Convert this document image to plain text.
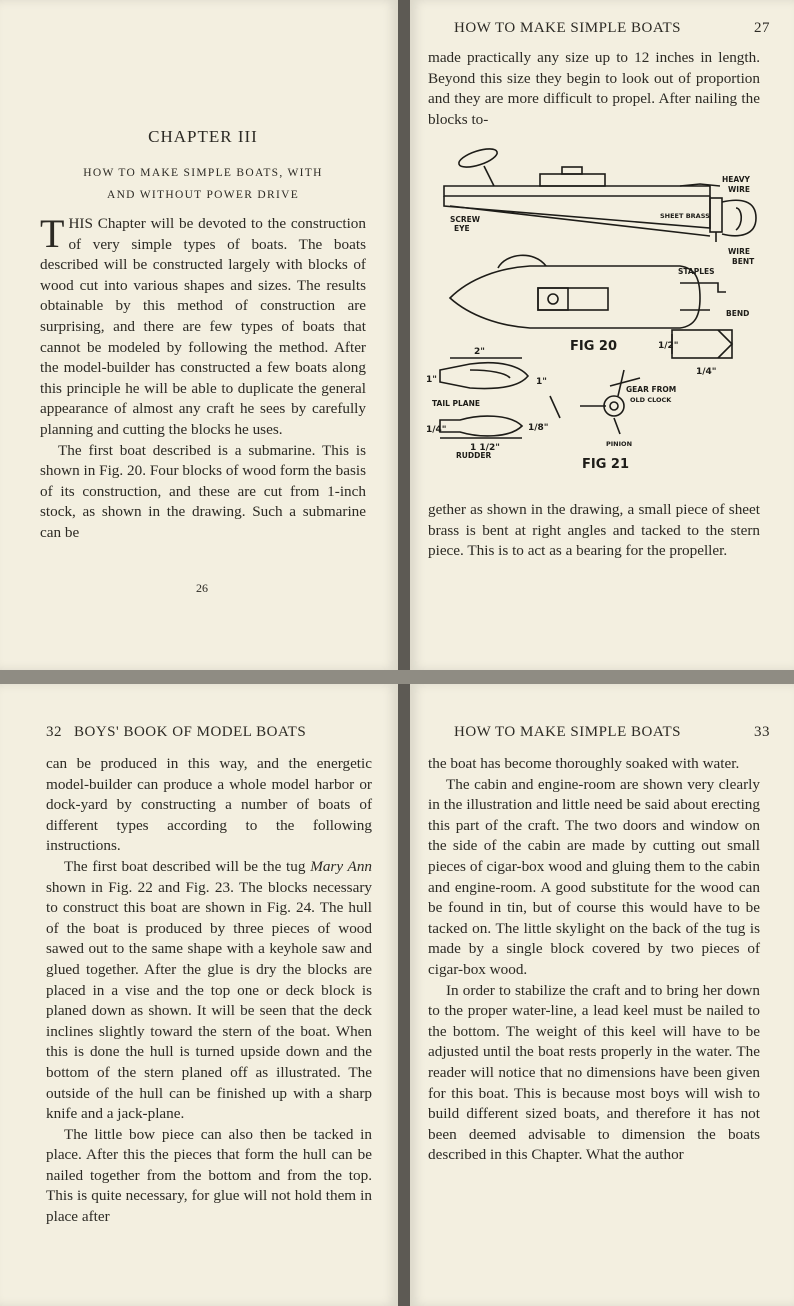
CHAPTER III
HOW TO MAKE SIMPLE BOATS, WITH
AND WITHOUT POWER DRIVE

THIS Chapter will be devoted to the construction of very simple types of boats. The boats described will be constructed largely with blocks of wood cut into various shapes and sizes. The results obtainable by this method of construction are surprising, and there are few types of boats that cannot be modeled by following the method. After the model-builder has constructed a few boats along this principle he will be able to duplicate the general appearance of almost any craft he sees by carefully planning and cutting the blocks he uses.

The first boat described is a submarine. This is shown in Fig. 20. Four blocks of wood form the basis of its construction, and these are cut from 1-inch stock, as shown in the drawing. Such a submarine can be

26
HOW TO MAKE SIMPLE BOATS	27

made practically any size up to 12 inches in length. Beyond this size they begin to look out of proportion and they are more difficult to propel. After nailing the blocks to-

HEAVY
WIRE
SCREW
EYE
SHEET BRASS
WIRE
BENT
STAPLES
BEND
FIG 20
TAIL PLANE
RUDDER
GEAR FROM
OLD CLOCK
PINION
FIG 21
2"
1"	1"
1/4"
1 1/2"
1/8"
1/2"
1/4"

gether as shown in the drawing, a small piece of sheet brass is bent at right angles and tacked to the stern piece. This is to act as a bearing for the propeller.

32 BOYS' BOOK OF MODEL BOATS

can be produced in this way, and the energetic model-builder can produce a whole model harbor or dock-yard by constructing a number of boats of different types according to the following instructions.

The first boat described will be the tug Mary Ann shown in Fig. 22 and Fig. 23. The blocks necessary to construct this boat are shown in Fig. 24. The hull of the boat is produced by three pieces of wood sawed out to the same shape with a keyhole saw and glued together. After the glue is dry the blocks are placed in a vise and the top one or deck block is planed down as shown. It will be seen that the deck inclines slightly toward the stern of the boat. When this is done the hull is turned upside down and the bottom of the stern planed off as illustrated. The outside of the hull can be finished up with a sharp knife and a jack-plane.

The little bow piece can also then be tacked in place. After this the pieces that form the hull can be nailed together from the bottom and from the top. This is quite necessary, for glue will not hold them in place after

HOW TO MAKE SIMPLE BOATS	33

the boat has become thoroughly soaked with water.

The cabin and engine-room are shown very clearly in the illustration and little need be said about erecting this part of the craft. The two doors and window on the side of the cabin are made by cutting out small pieces of cigar-box wood and gluing them to the cabin and engine-room. A good substitute for the wood can be found in tin, but of course this would have to be tacked on. The little skylight on the back of the tug is made by a single block covered by two pieces of cigar-box wood.

In order to stabilize the craft and to bring her down to the proper water-line, a lead keel must be nailed to the bottom. The weight of this keel will have to be adjusted until the boat rests properly in the water. The reader will notice that no dimensions have been given for this boat. This is because most boys will wish to build different sized boats, and therefore it has not been deemed advisable to dimension the boats described in this Chapter. What the author
